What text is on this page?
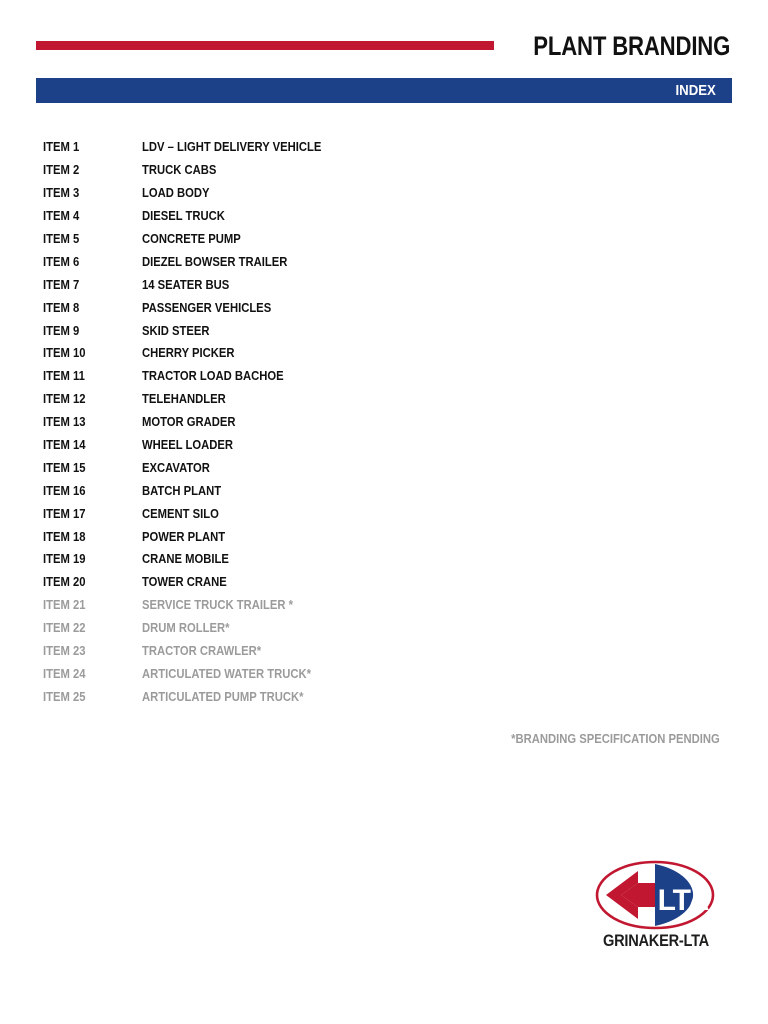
PLANT BRANDING
INDEX
ITEM 1	LDV – LIGHT DELIVERY VEHICLE
ITEM 2	TRUCK CABS
ITEM 3	LOAD BODY
ITEM 4	DIESEL TRUCK
ITEM 5	CONCRETE PUMP
ITEM 6	DIEZEL BOWSER TRAILER
ITEM 7	14 SEATER BUS
ITEM 8	PASSENGER VEHICLES
ITEM 9	SKID STEER
ITEM 10	CHERRY PICKER
ITEM 11	TRACTOR LOAD BACHOE
ITEM 12	TELEHANDLER
ITEM 13	MOTOR GRADER
ITEM 14	WHEEL LOADER
ITEM 15	EXCAVATOR
ITEM 16	BATCH PLANT
ITEM 17	CEMENT SILO
ITEM 18	POWER PLANT
ITEM 19	CRANE MOBILE
ITEM 20	TOWER CRANE
ITEM 21	SERVICE TRUCK TRAILER *
ITEM 22	DRUM ROLLER*
ITEM 23	TRACTOR CRAWLER*
ITEM 24	ARTICULATED WATER TRUCK*
ITEM 25	ARTICULATED PUMP TRUCK*
*BRANDING SPECIFICATION PENDING
LTA
GRINAKER-LTA
